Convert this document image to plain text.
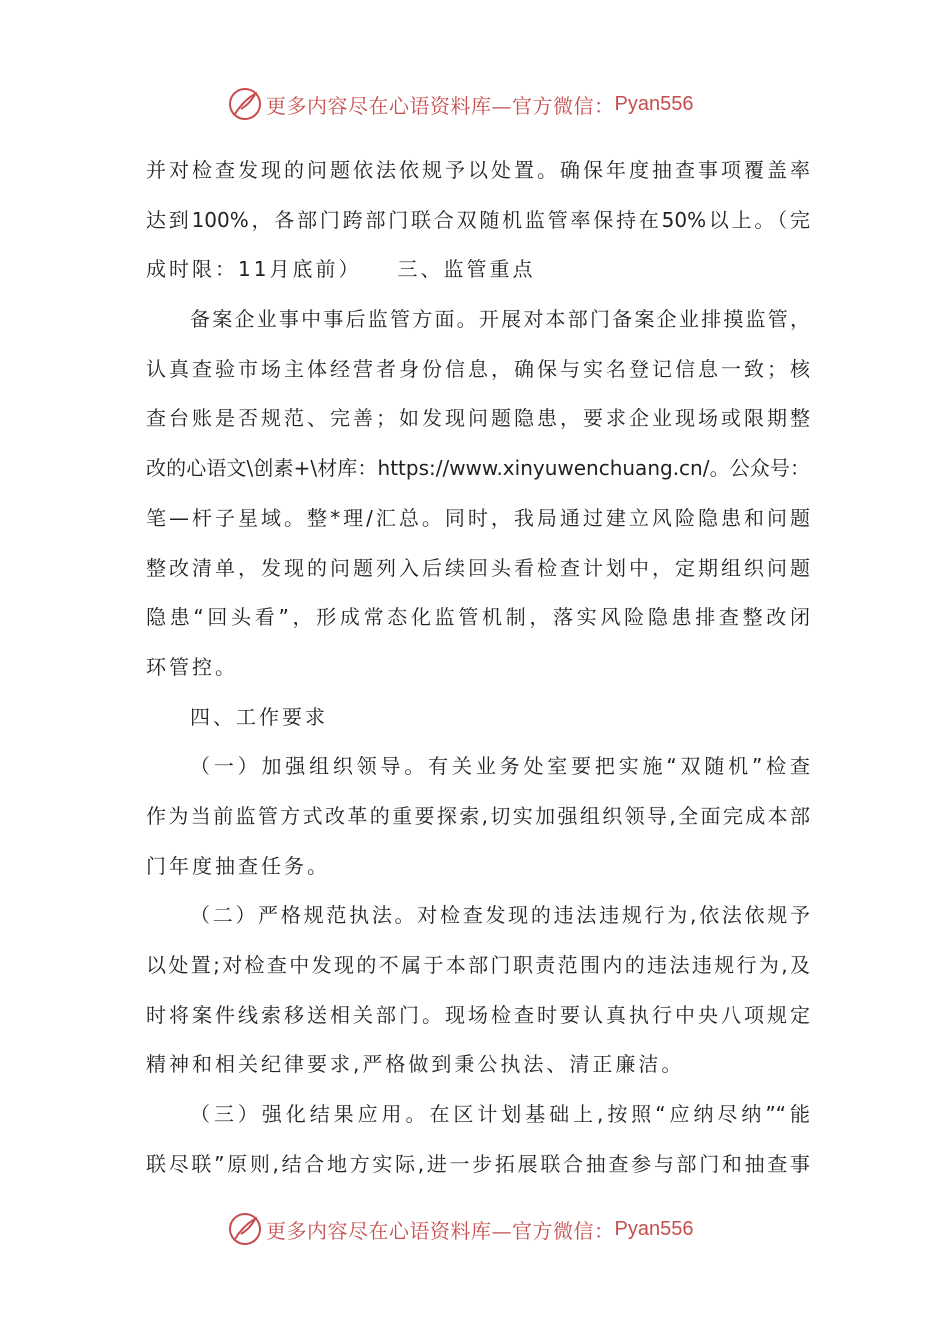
更多内容尽在心语资料库—官方微信： Pyan556
并对检查发现的问题依法依规予以处置。确保年度抽查事项覆盖率
达到100%，各部门跨部门联合双随机监管率保持在50%以上。（完
成时限：11月底前）　　三、监管重点
备案企业事中事后监管方面。开展对本部门备案企业排摸监管，
认真查验市场主体经营者身份信息，确保与实名登记信息一致；核
查台账是否规范、完善；如发现问题隐患，要求企业现场或限期整
改的心语文\创素+\材库：https://www.xinyuwenchuang.cn/。公众号：
笔—杆子星域。整*理/汇总。同时，我局通过建立风险隐患和问题
整改清单，发现的问题列入后续回头看检查计划中，定期组织问题
隐患“回头看”，形成常态化监管机制，落实风险隐患排查整改闭
环管控。
四、工作要求
（一）加强组织领导。有关业务处室要把实施“双随机”检查
作为当前监管方式改革的重要探索,切实加强组织领导,全面完成本部
门年度抽查任务。
（二）严格规范执法。对检查发现的违法违规行为,依法依规予
以处置;对检查中发现的不属于本部门职责范围内的违法违规行为,及
时将案件线索移送相关部门。现场检查时要认真执行中央八项规定
精神和相关纪律要求,严格做到秉公执法、清正廉洁。
（三）强化结果应用。在区计划基础上,按照“应纳尽纳”“能
联尽联”原则,结合地方实际,进一步拓展联合抽查参与部门和抽查事
更多内容尽在心语资料库—官方微信： Pyan556
